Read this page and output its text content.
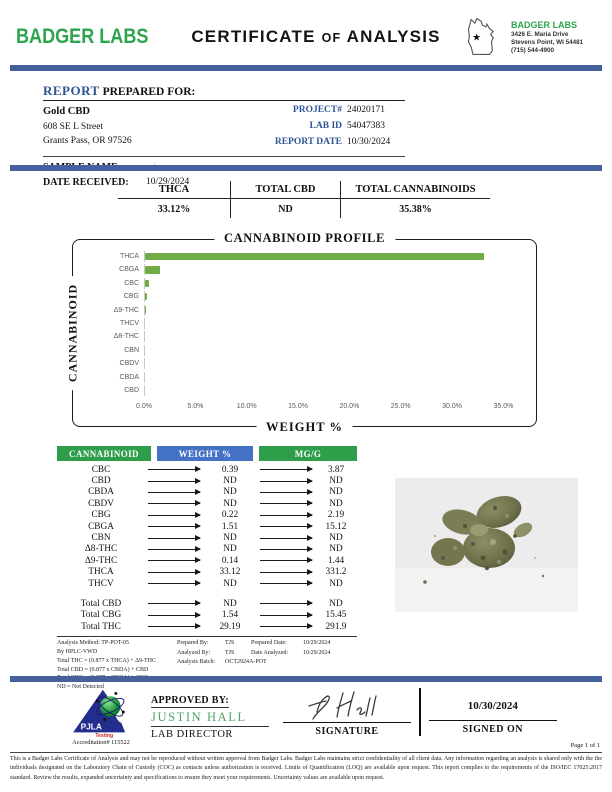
BADGER LABS	CERTIFICATE OF ANALYSIS	★
BADGER LABS
3426 E. Maria Drive
Stevens Point, WI 54481
(715) 544-4900
REPORT PREPARED FOR:
Gold CBD
608 SE L Street
Grants Pass, OR 97526
PROJECT# 24020171
LAB ID 54047383
REPORT DATE 10/30/2024
DATE RECEIVED:	10/29/2024
THCA	TOTAL CBD	TOTAL CANNABINOIDS
33.12%	ND	35.38%
CANNABINOID PROFILE
CANNABINOID
THCA
CBGA
CBC
CBG
Δ9-THC
THCV
Δ8-THC
CBN
CBDV
CBDA
CBD
0.0%	5.0%	10.0%	15.0%	20.0%	25.0%	30.0%	35.0%
WEIGHT %
CANNABINOID	WEIGHT %	MG/G
CBC	0.39	3.87
CBD	ND	ND
CBDA	ND	ND
CBDV	ND	ND
CBG	0.22	2.19
CBGA	1.51	15.12
CBN	ND	ND
Δ8-THC	ND	ND
Δ9-THC	0.14	1.44
THCA	33.12	331.2
THCV	ND	ND
Total CBD	ND	ND
Total CBG	1.54	15.45
Total THC	29.19	291.9
Analysis Method: TP-POT-05
By HPLC-VWD
Total THC = (0.877 x THCA) + Δ9-THC
Total CBD = (0.877 x CBDA) + CBD
ND = Not Detected
Prepared By:	TJS	Prepared Date:	10/29/2024
Analyzed By:	TJS	Date Analyzed:	10/29/2024
Analysis Batch:	OCT2924A-POT
PJLA
Testing
Accreditation# 115522
APPROVED BY:
JUSTIN HALL
LAB DIRECTOR	SIGNATURE
10/30/2024
SIGNED ON
Page 1 of 1
This is a Badger Labs Certificate of Analysis and may not be reproduced without written approval from Badger Labs. Badger Labs maintains strict confidentiality of all client data. Any information regarding an analysis is shared only with the the individuals designated on the Laboratory Chain of Custody (COC) as contacts unless authorization is received. Limits of Quantification (LOQ) are available upon request. This report complies to the requirements of the ISO/IEC 17025:2017 standard. Review the results, expanded uncertainty and specifications to ensure they meet your requirements. Uncertainty values are available upon request.
